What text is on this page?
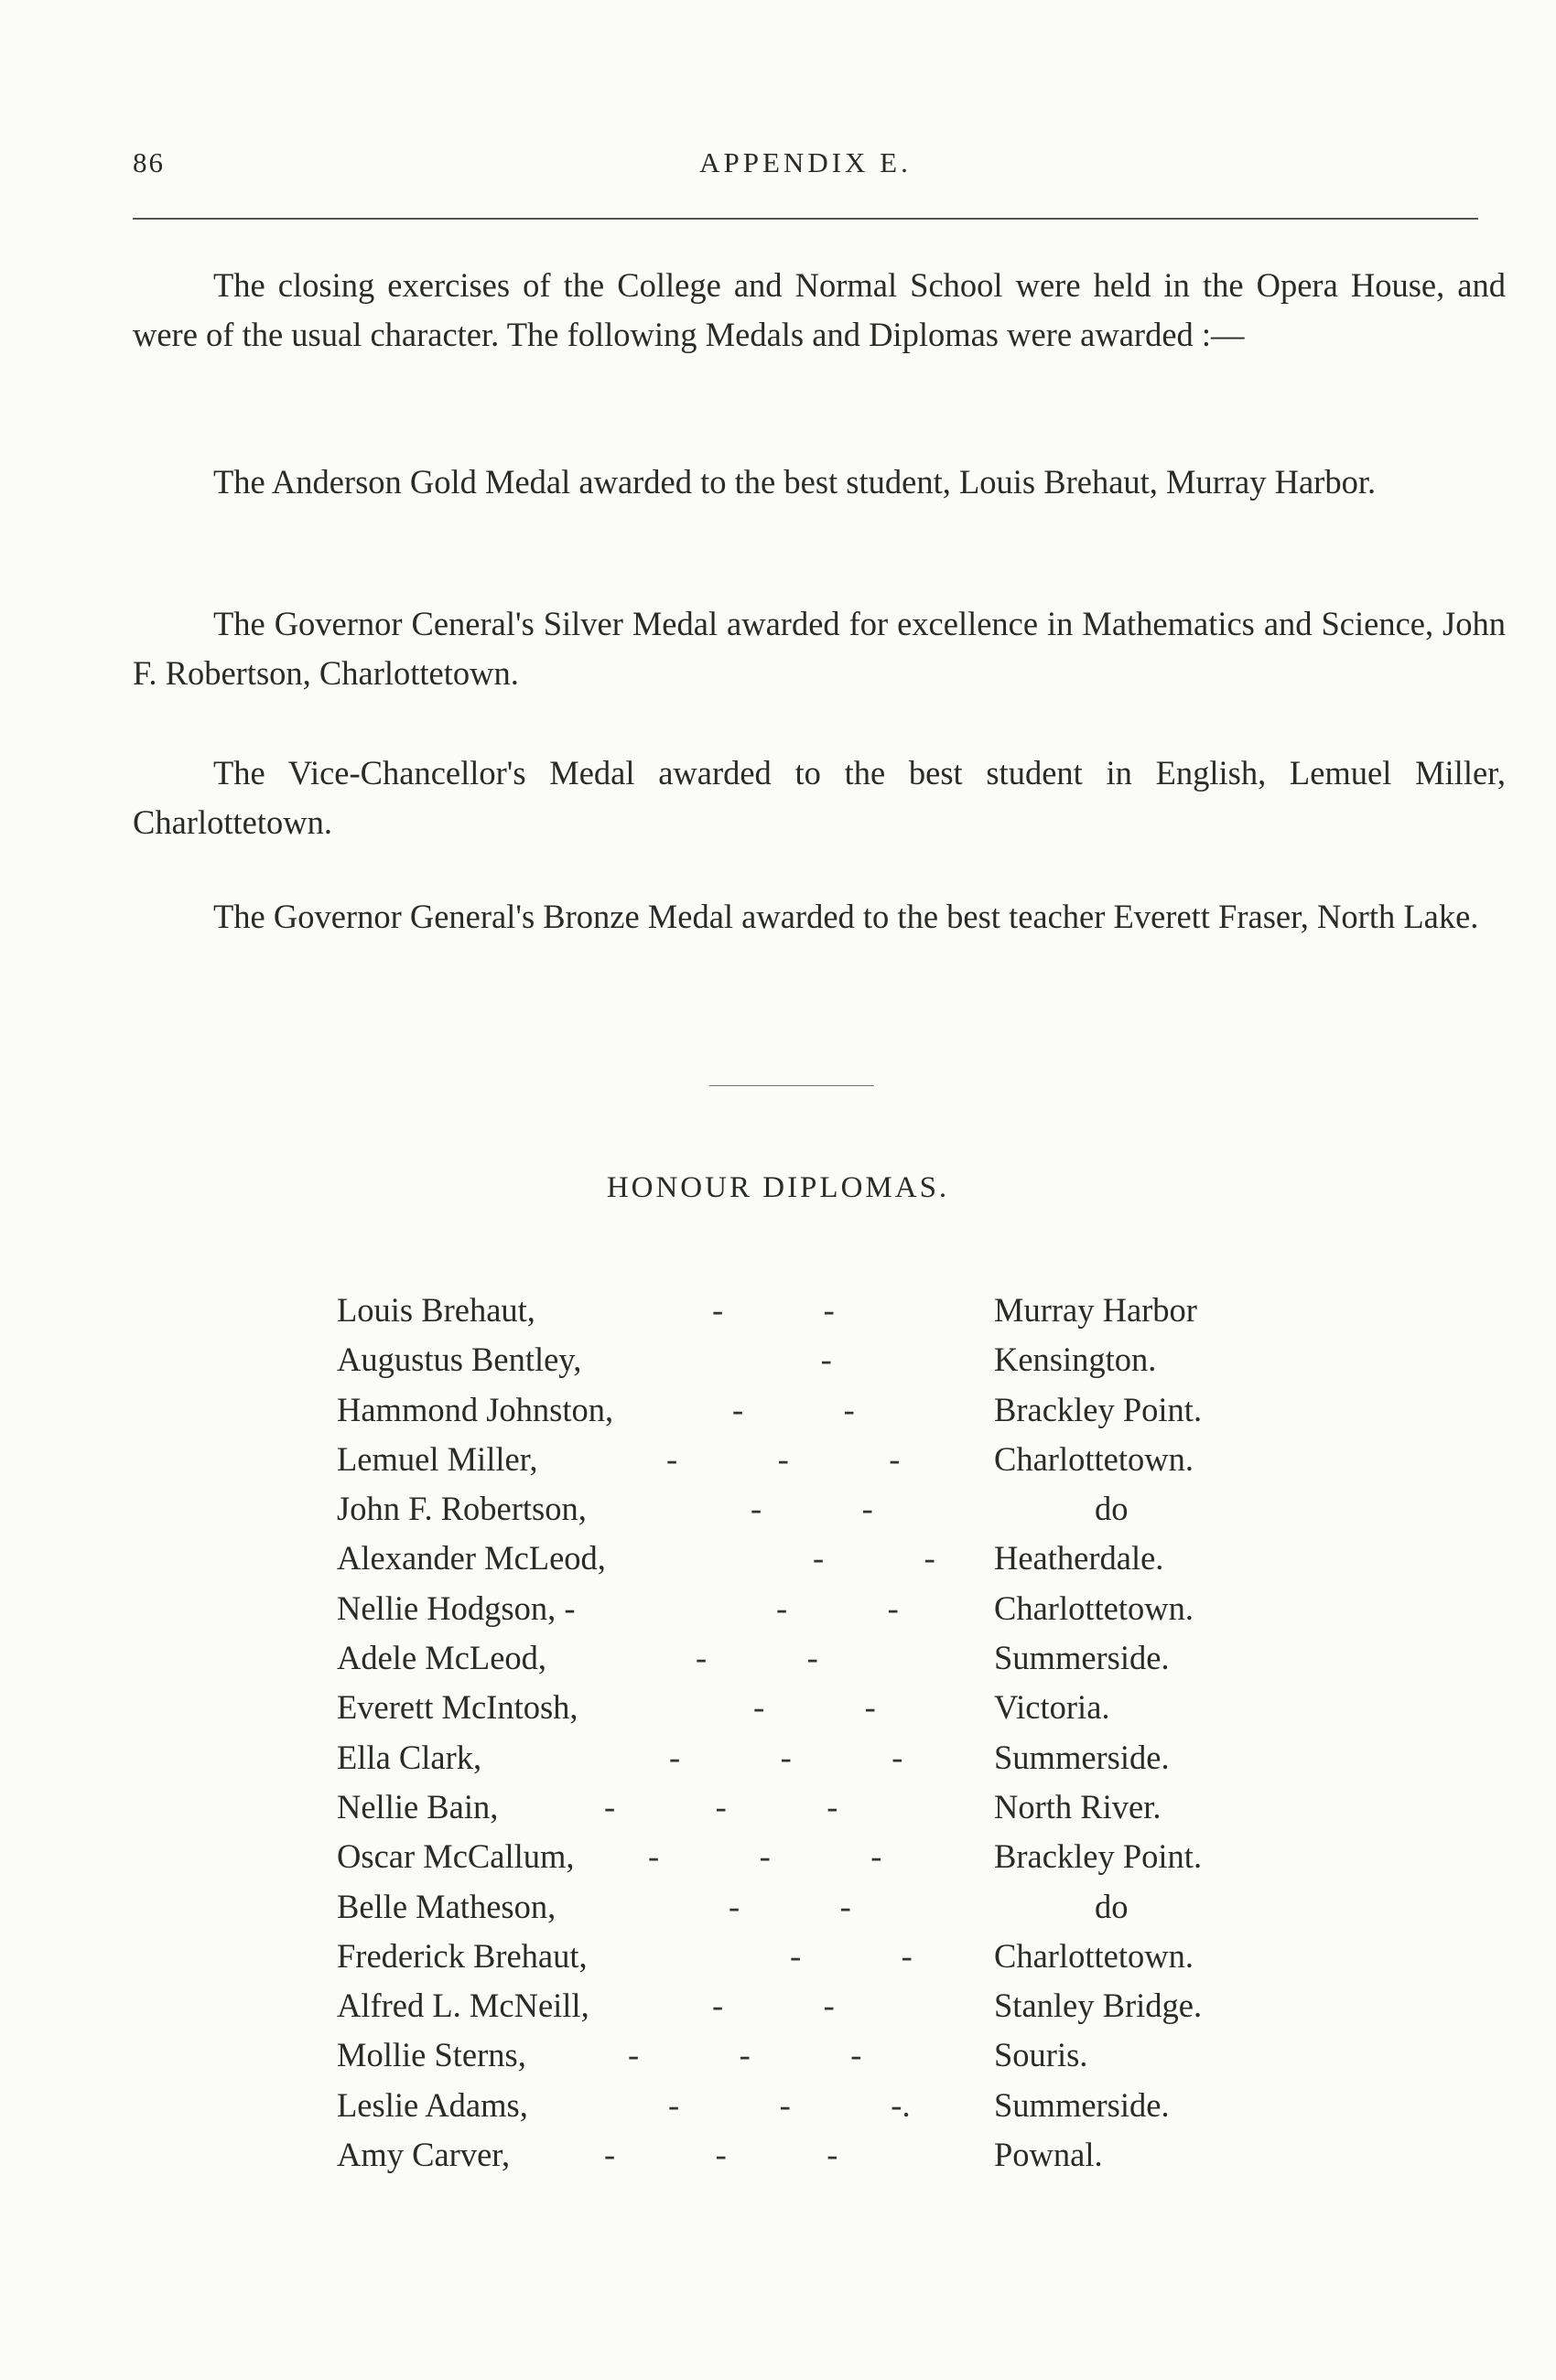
86	APPENDIX E.

The closing exercises of the College and Normal School were held in the Opera House, and were of the usual character. The following Medals and Diplomas were awarded :—

The Anderson Gold Medal awarded to the best student, Louis Brehaut, Murray Harbor.

The Governor Ceneral's Silver Medal awarded for excellence in Mathematics and Science, John F. Robertson, Charlottetown.

The Vice-Chancellor's Medal awarded to the best student in English, Lemuel Miller, Charlottetown.

The Governor General's Bronze Medal awarded to the best teacher Everett Fraser, North Lake.

HONOUR DIPLOMAS.
Louis Brehaut,	-            -	Murray Harbor
Augustus Bentley,	-	Kensington.
Hammond Johnston,	-            -	Brackley Point.
Lemuel Miller,	-            -            -	Charlottetown.
John F. Robertson,	-            -	do
Alexander McLeod,	-            -	Heatherdale.
Nellie Hodgson, -	-            -	Charlottetown.
Adele McLeod,	-            -	Summerside.
Everett McIntosh,	-            -	Victoria.
Ella Clark,	-            -            -	Summerside.
Nellie Bain,	-            -            -	North River.
Oscar McCallum, -            -            -	Brackley Point.
Belle Matheson,	-            -	do
Frederick Brehaut,	-            -	Charlottetown.
Alfred L. McNeill,	-            -	Stanley Bridge.
Mollie Sterns,	-            -            -	Souris.
Leslie Adams,	-            -            -.	Summerside.
Amy Carver,	-            -            -	Pownal.
